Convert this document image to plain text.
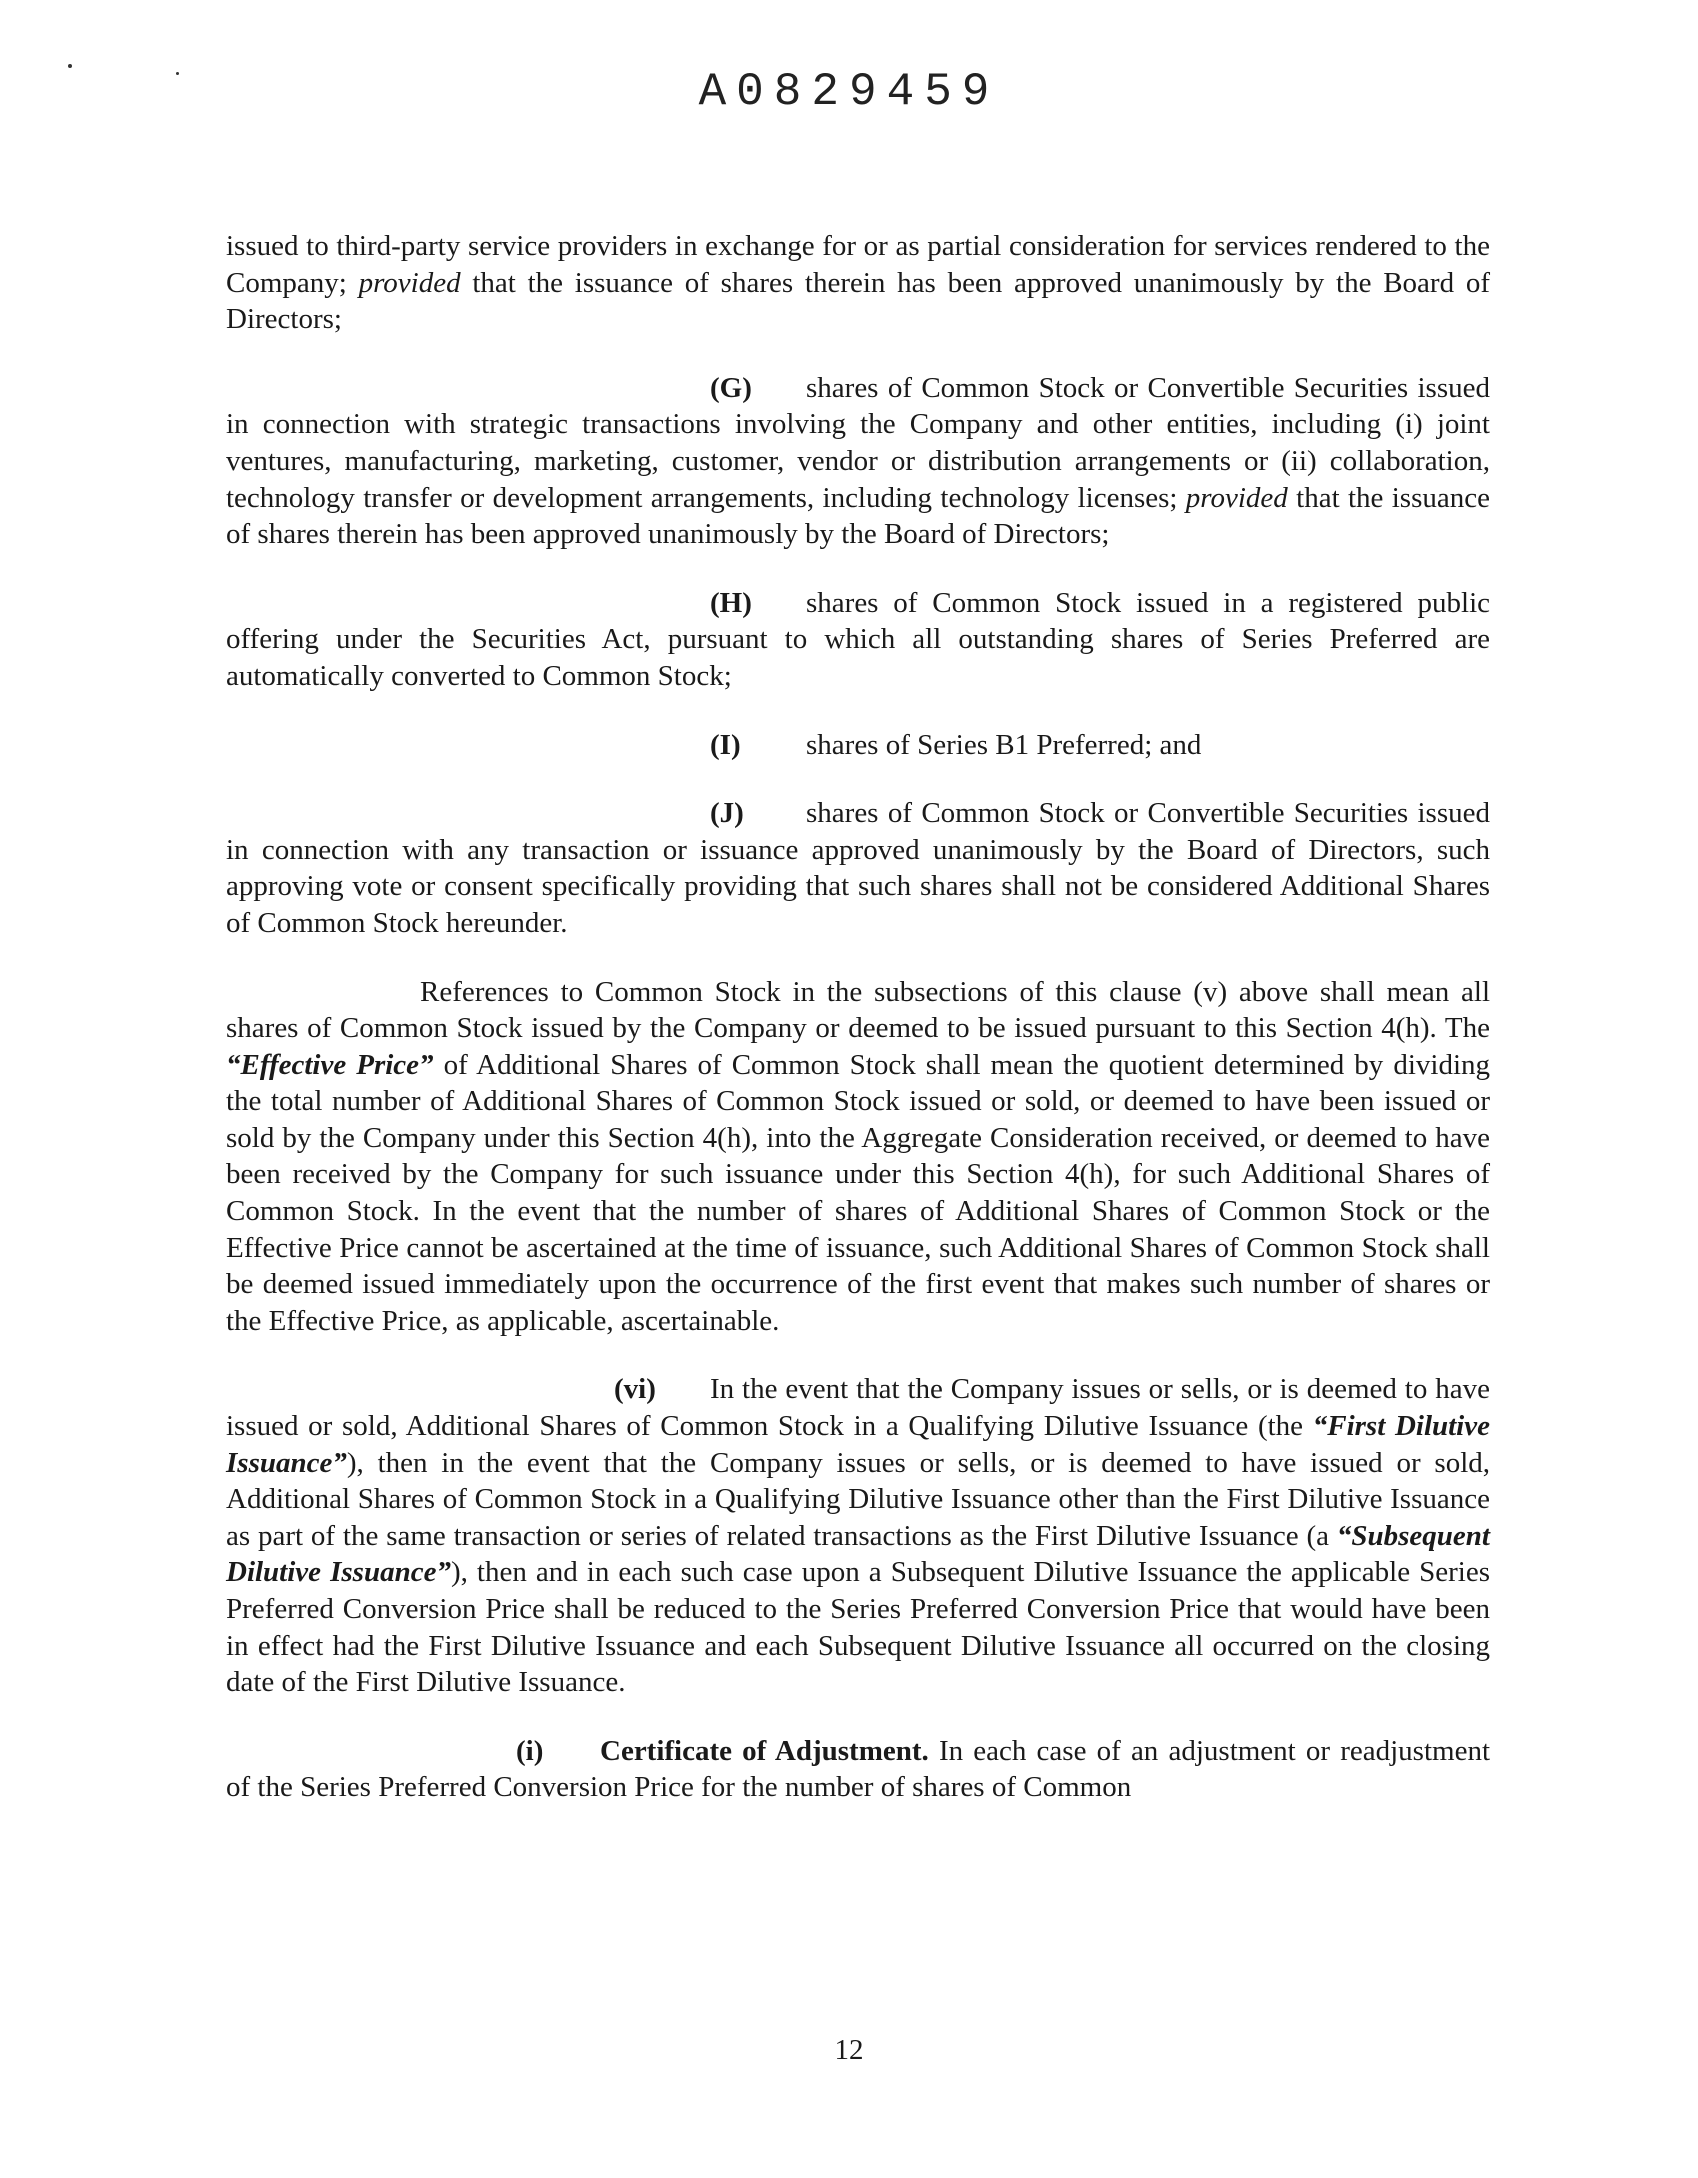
A0829459

issued to third-party service providers in exchange for or as partial consideration for services rendered to the Company; provided that the issuance of shares therein has been approved unanimously by the Board of Directors;

(G) shares of Common Stock or Convertible Securities issued in connection with strategic transactions involving the Company and other entities, including (i) joint ventures, manufacturing, marketing, customer, vendor or distribution arrangements or (ii) collaboration, technology transfer or development arrangements, including technology licenses; provided that the issuance of shares therein has been approved unanimously by the Board of Directors;

(H) shares of Common Stock issued in a registered public offering under the Securities Act, pursuant to which all outstanding shares of Series Preferred are automatically converted to Common Stock;

(I) shares of Series B1 Preferred; and

(J) shares of Common Stock or Convertible Securities issued in connection with any transaction or issuance approved unanimously by the Board of Directors, such approving vote or consent specifically providing that such shares shall not be considered Additional Shares of Common Stock hereunder.

References to Common Stock in the subsections of this clause (v) above shall mean all shares of Common Stock issued by the Company or deemed to be issued pursuant to this Section 4(h). The “Effective Price” of Additional Shares of Common Stock shall mean the quotient determined by dividing the total number of Additional Shares of Common Stock issued or sold, or deemed to have been issued or sold by the Company under this Section 4(h), into the Aggregate Consideration received, or deemed to have been received by the Company for such issuance under this Section 4(h), for such Additional Shares of Common Stock. In the event that the number of shares of Additional Shares of Common Stock or the Effective Price cannot be ascertained at the time of issuance, such Additional Shares of Common Stock shall be deemed issued immediately upon the occurrence of the first event that makes such number of shares or the Effective Price, as applicable, ascertainable.

(vi) In the event that the Company issues or sells, or is deemed to have issued or sold, Additional Shares of Common Stock in a Qualifying Dilutive Issuance (the “First Dilutive Issuance”), then in the event that the Company issues or sells, or is deemed to have issued or sold, Additional Shares of Common Stock in a Qualifying Dilutive Issuance other than the First Dilutive Issuance as part of the same transaction or series of related transactions as the First Dilutive Issuance (a “Subsequent Dilutive Issuance”), then and in each such case upon a Subsequent Dilutive Issuance the applicable Series Preferred Conversion Price shall be reduced to the Series Preferred Conversion Price that would have been in effect had the First Dilutive Issuance and each Subsequent Dilutive Issuance all occurred on the closing date of the First Dilutive Issuance.

(i) Certificate of Adjustment. In each case of an adjustment or readjustment of the Series Preferred Conversion Price for the number of shares of Common

12
